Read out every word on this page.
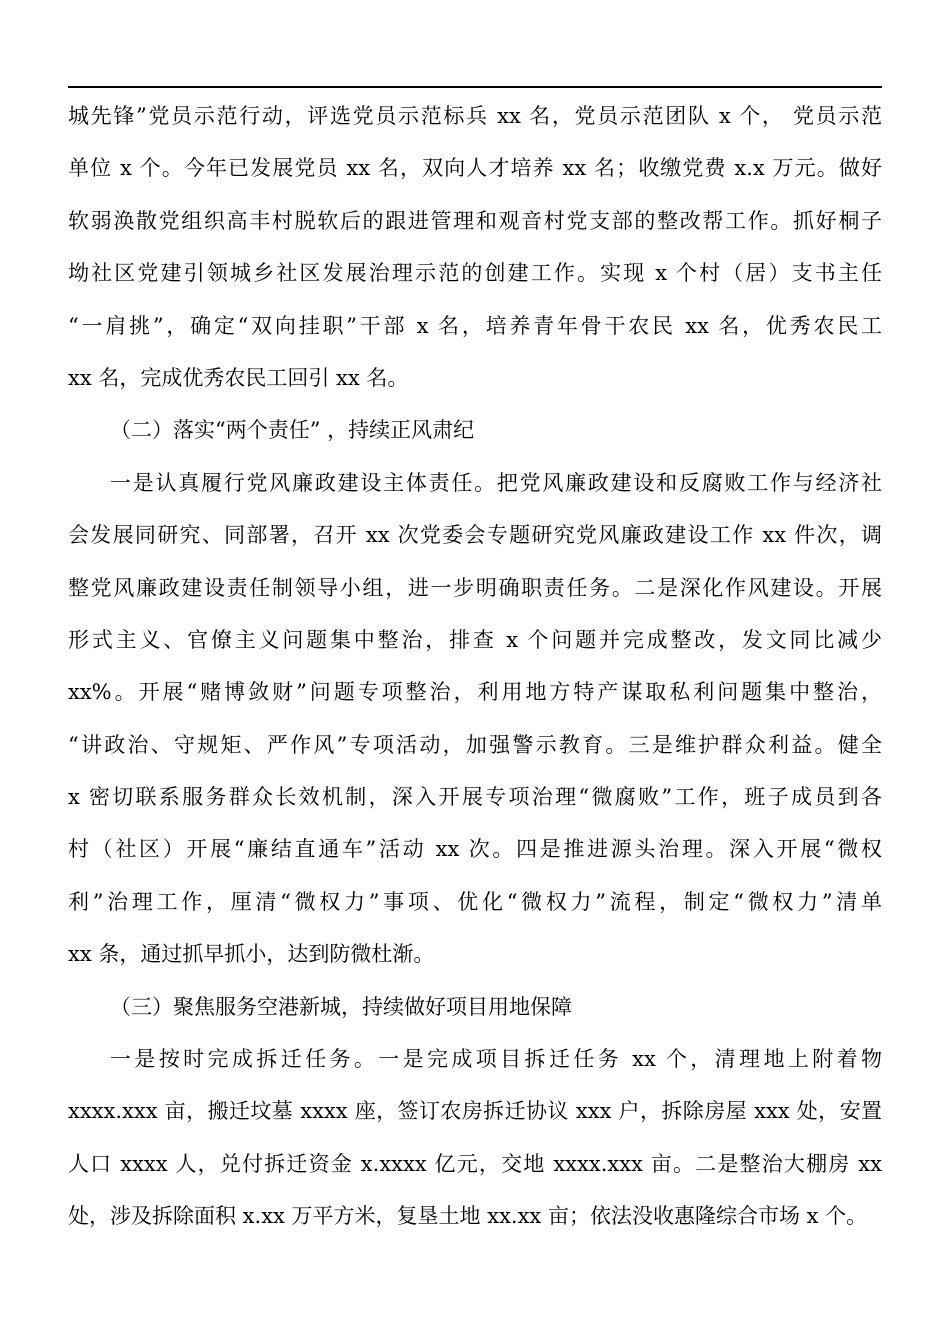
城先锋”党员示范行动，评选党员示范标兵 xx 名，党员示范团队 x 个， 党员示范
单位 x 个。今年已发展党员 xx 名，双向人才培养 xx 名；收缴党费 x.x 万元。做好
软弱涣散党组织高丰村脱软后的跟进管理和观音村党支部的整改帮工作。抓好桐子
坳社区党建引领城乡社区发展治理示范的创建工作。实现 x 个村（居）支书主任
“一肩挑”，确定“双向挂职”干部 x 名，培养青年骨干农民 xx 名，优秀农民工
xx 名，完成优秀农民工回引 xx 名。
（二）落实“两个责任” ，持续正风肃纪
一是认真履行党风廉政建设主体责任。把党风廉政建设和反腐败工作与经济社
会发展同研究、同部署，召开 xx 次党委会专题研究党风廉政建设工作 xx 件次，调
整党风廉政建设责任制领导小组，进一步明确职责任务。二是深化作风建设。开展
形式主义、官僚主义问题集中整治，排查 x 个问题并完成整改，发文同比减少
xx%。开展“赌博敛财”问题专项整治，利用地方特产谋取私利问题集中整治，
“讲政治、守规矩、严作风”专项活动，加强警示教育。三是维护群众利益。健全
x 密切联系服务群众长效机制，深入开展专项治理“微腐败”工作，班子成员到各
村（社区）开展“廉结直通车”活动 xx 次。四是推进源头治理。深入开展“微权
利”治理工作，厘清“微权力”事项、优化“微权力”流程，制定“微权力”清单
xx 条，通过抓早抓小，达到防微杜渐。
（三）聚焦服务空港新城，持续做好项目用地保障
一是按时完成拆迁任务。一是完成项目拆迁任务 xx 个，清理地上附着物
xxxx.xxx 亩，搬迁坟墓 xxxx 座，签订农房拆迁协议 xxx 户，拆除房屋 xxx 处，安置
人口 xxxx 人，兑付拆迁资金 x.xxxx 亿元，交地 xxxx.xxx 亩。二是整治大棚房 xx
处，涉及拆除面积 x.xx 万平方米，复垦土地 xx.xx 亩；依法没收惠隆综合市场 x 个。
